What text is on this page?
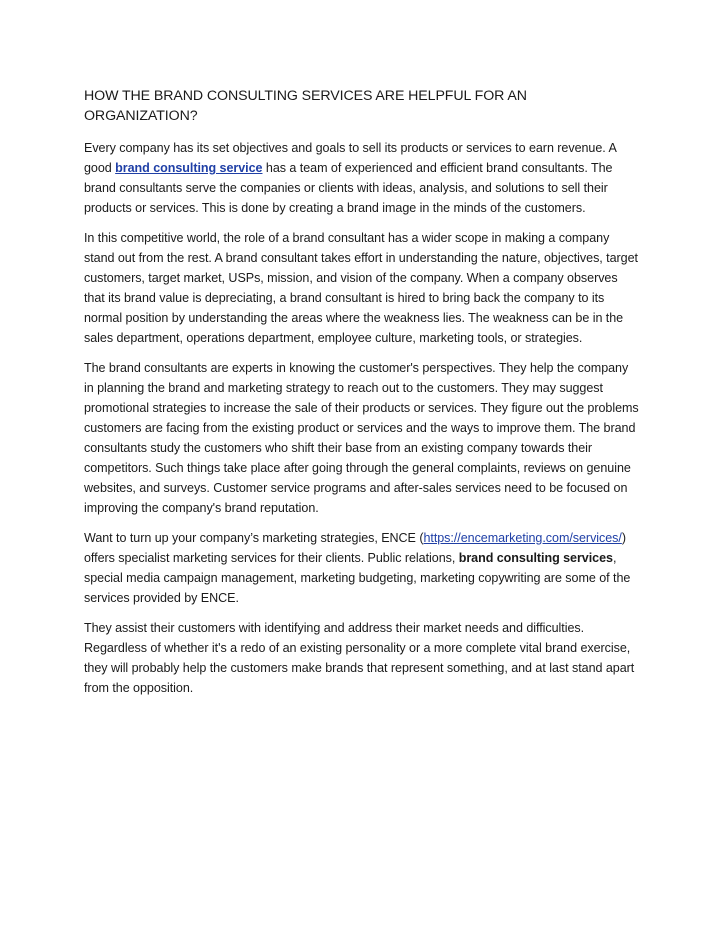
HOW THE BRAND CONSULTING SERVICES ARE HELPFUL FOR AN ORGANIZATION?

Every company has its set objectives and goals to sell its products or services to earn revenue. A good brand consulting service has a team of experienced and efficient brand consultants. The brand consultants serve the companies or clients with ideas, analysis, and solutions to sell their products or services. This is done by creating a brand image in the minds of the customers.

In this competitive world, the role of a brand consultant has a wider scope in making a company stand out from the rest. A brand consultant takes effort in understanding the nature, objectives, target customers, target market, USPs, mission, and vision of the company. When a company observes that its brand value is depreciating, a brand consultant is hired to bring back the company to its normal position by understanding the areas where the weakness lies. The weakness can be in the sales department, operations department, employee culture, marketing tools, or strategies.

The brand consultants are experts in knowing the customer's perspectives. They help the company in planning the brand and marketing strategy to reach out to the customers. They may suggest promotional strategies to increase the sale of their products or services. They figure out the problems customers are facing from the existing product or services and the ways to improve them. The brand consultants study the customers who shift their base from an existing company towards their competitors. Such things take place after going through the general complaints, reviews on genuine websites, and surveys. Customer service programs and after-sales services need to be focused on improving the company's brand reputation.

Want to turn up your company’s marketing strategies, ENCE (https://encemarketing.com/services/) offers specialist marketing services for their clients. Public relations, brand consulting services, special media campaign management, marketing budgeting, marketing copywriting are some of the services provided by ENCE.

They assist their customers with identifying and address their market needs and difficulties. Regardless of whether it's a redo of an existing personality or a more complete vital brand exercise, they will probably help the customers make brands that represent something, and at last stand apart from the opposition.
